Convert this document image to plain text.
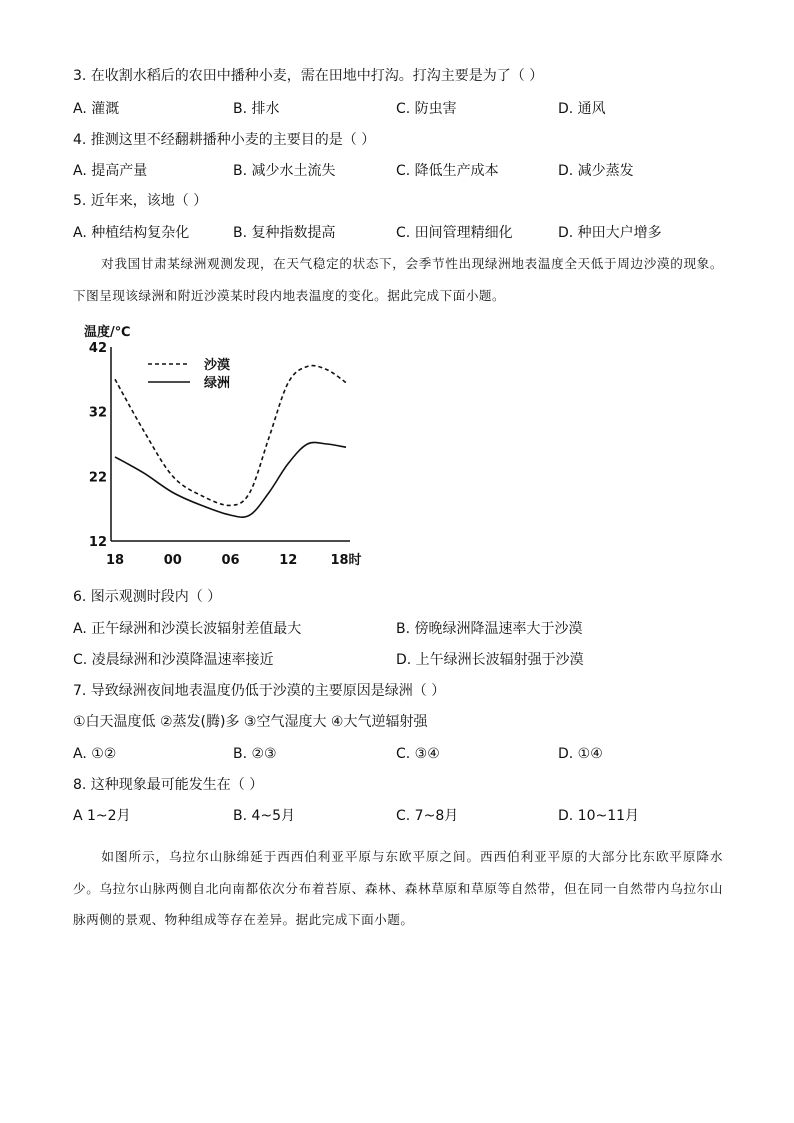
3. 在收割水稻后的农田中播种小麦，需在田地中打沟。打沟主要是为了（ ）
A. 灌溉	B. 排水	C. 防虫害	D. 通风
4. 推测这里不经翻耕播种小麦的主要目的是（ ）
A. 提高产量	B. 减少水土流失	C. 降低生产成本	D. 减少蒸发
5. 近年来，该地（ ）
A. 种植结构复杂化	B. 复种指数提高	C. 田间管理精细化	D. 种田大户增多
对我国甘肃某绿洲观测发现，在天气稳定的状态下，会季节性出现绿洲地表温度全天低于周边沙漠的现象。下图呈现该绿洲和附近沙漠某时段内地表温度的变化。据此完成下面小题。
温度/℃
42
32
22
12
18	00	06	12	18时
沙漠
绿洲
6. 图示观测时段内（ ）
A. 正午绿洲和沙漠长波辐射差值最大	B. 傍晚绿洲降温速率大于沙漠
C. 凌晨绿洲和沙漠降温速率接近	D. 上午绿洲长波辐射强于沙漠
7. 导致绿洲夜间地表温度仍低于沙漠的主要原因是绿洲（ ）
①白天温度低 ②蒸发(腾)多 ③空气湿度大 ④大气逆辐射强
A. ①②	B. ②③	C. ③④	D. ①④
8. 这种现象最可能发生在（ ）
A 1~2月	B. 4~5月	C. 7~8月	D. 10~11月
如图所示，乌拉尔山脉绵延于西西伯利亚平原与东欧平原之间。西西伯利亚平原的大部分比东欧平原降水少。乌拉尔山脉两侧自北向南都依次分布着苔原、森林、森林草原和草原等自然带，但在同一自然带内乌拉尔山脉两侧的景观、物种组成等存在差异。据此完成下面小题。
